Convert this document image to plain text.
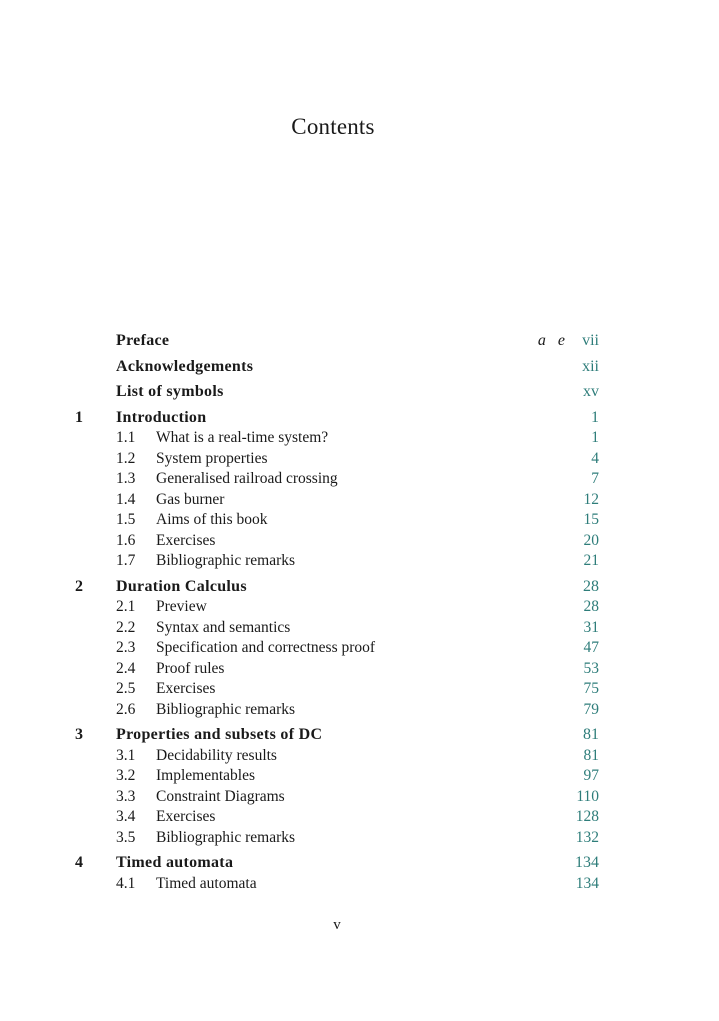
Contents
Preface	a e vii
Acknowledgements	xii
List of symbols	xv
1 Introduction	1
1.1 What is a real-time system?	1
1.2 System properties	4
1.3 Generalised railroad crossing	7
1.4 Gas burner	12
1.5 Aims of this book	15
1.6 Exercises	20
1.7 Bibliographic remarks	21
2 Duration Calculus	28
2.1 Preview	28
2.2 Syntax and semantics	31
2.3 Specification and correctness proof	47
2.4 Proof rules	53
2.5 Exercises	75
2.6 Bibliographic remarks	79
3 Properties and subsets of DC	81
3.1 Decidability results	81
3.2 Implementables	97
3.3 Constraint Diagrams	110
3.4 Exercises	128
3.5 Bibliographic remarks	132
4 Timed automata	134
4.1 Timed automata	134
v
